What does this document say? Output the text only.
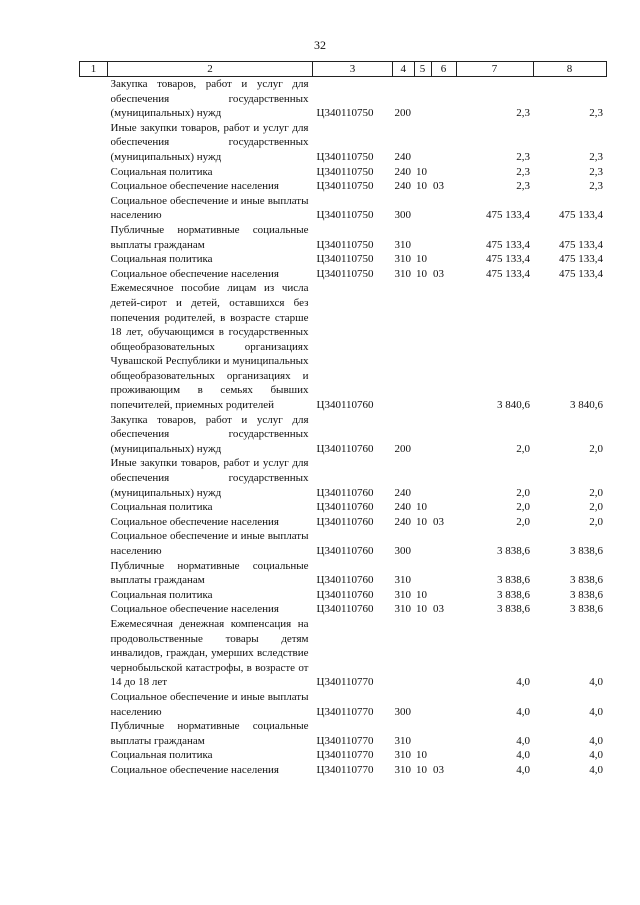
32
1	2	3	4	5	6	7	8
	Закупка товаров, работ и услуг для обеспечения государственных (муниципальных) нужд	Ц340110750	200			2,3	2,3
	Иные закупки товаров, работ и услуг для обеспечения государственных (муниципальных) нужд	Ц340110750	240			2,3	2,3
	Социальная политика	Ц340110750	240	10		2,3	2,3
	Социальное обеспечение населения	Ц340110750	240	10	03	2,3	2,3
	Социальное обеспечение и иные выплаты населению	Ц340110750	300			475 133,4	475 133,4
	Публичные нормативные социальные выплаты гражданам	Ц340110750	310			475 133,4	475 133,4
	Социальная политика	Ц340110750	310	10		475 133,4	475 133,4
	Социальное обеспечение населения	Ц340110750	310	10	03	475 133,4	475 133,4
	Ежемесячное пособие лицам из числа детей-сирот и детей, оставшихся без попечения родителей, в возрасте старше 18 лет, обучающимся в государственных общеобразовательных организациях Чувашской Республики и муниципальных общеобразовательных организациях и проживающим в семьях бывших попечителей, приемных родителей	Ц340110760				3 840,6	3 840,6
	Закупка товаров, работ и услуг для обеспечения государственных (муниципальных) нужд	Ц340110760	200			2,0	2,0
	Иные закупки товаров, работ и услуг для обеспечения государственных (муниципальных) нужд	Ц340110760	240			2,0	2,0
	Социальная политика	Ц340110760	240	10		2,0	2,0
	Социальное обеспечение населения	Ц340110760	240	10	03	2,0	2,0
	Социальное обеспечение и иные выплаты населению	Ц340110760	300			3 838,6	3 838,6
	Публичные нормативные социальные выплаты гражданам	Ц340110760	310			3 838,6	3 838,6
	Социальная политика	Ц340110760	310	10		3 838,6	3 838,6
	Социальное обеспечение населения	Ц340110760	310	10	03	3 838,6	3 838,6
	Ежемесячная денежная компенсация на продовольственные товары детям инвалидов, граждан, умерших вследствие чернобыльской катастрофы, в возрасте от 14 до 18 лет	Ц340110770				4,0	4,0
	Социальное обеспечение и иные выплаты населению	Ц340110770	300			4,0	4,0
	Публичные нормативные социальные выплаты гражданам	Ц340110770	310			4,0	4,0
	Социальная политика	Ц340110770	310	10		4,0	4,0
	Социальное обеспечение населения	Ц340110770	310	10	03	4,0	4,0
